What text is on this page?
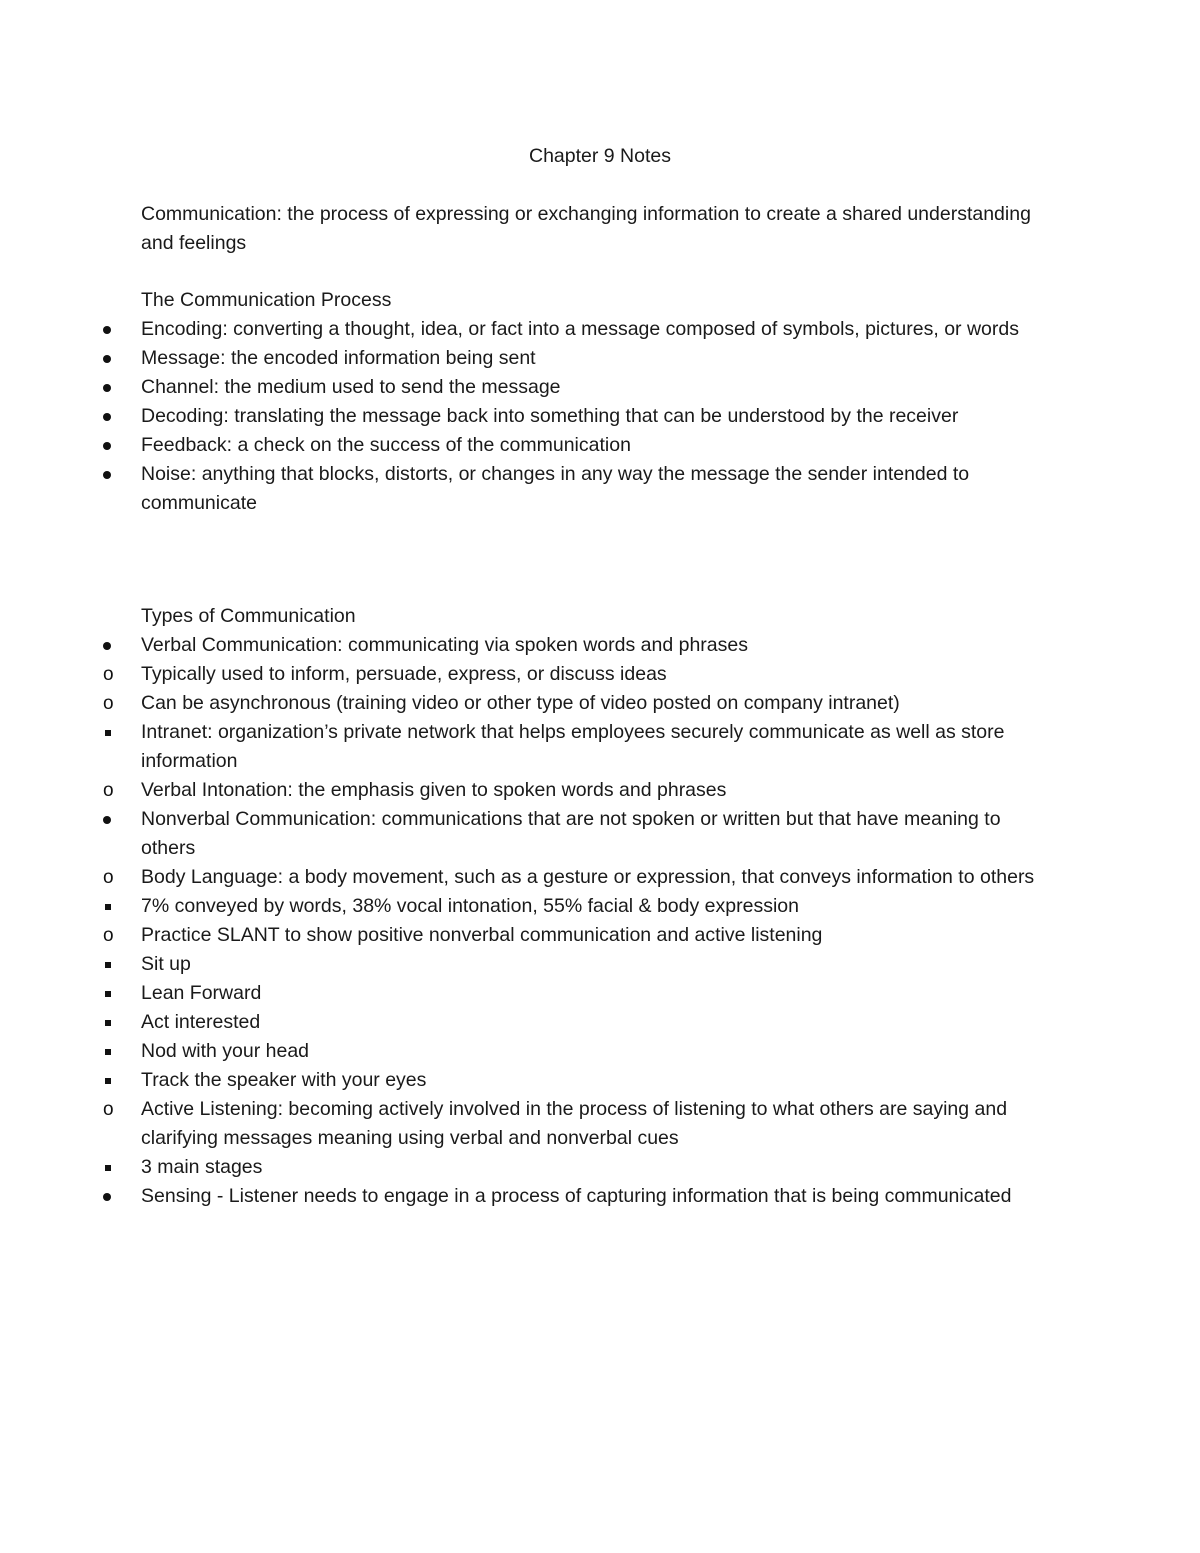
Chapter 9 Notes
Communication: the process of expressing or exchanging information to create a shared understanding and feelings
The Communication Process
Encoding: converting a thought, idea, or fact into a message composed of symbols, pictures, or words
Message: the encoded information being sent
Channel: the medium used to send the message
Decoding: translating the message back into something that can be understood by the receiver
Feedback: a check on the success of the communication
Noise: anything that blocks, distorts, or changes in any way the message the sender intended to communicate
Types of Communication
Verbal Communication: communicating via spoken words and phrases
o Typically used to inform, persuade, express, or discuss ideas
o Can be asynchronous (training video or other type of video posted on company intranet)
Intranet: organization’s private network that helps employees securely communicate as well as store information
o Verbal Intonation: the emphasis given to spoken words and phrases
Nonverbal Communication: communications that are not spoken or written but that have meaning to others
o Body Language: a body movement, such as a gesture or expression, that conveys information to others
7% conveyed by words, 38% vocal intonation, 55% facial & body expression
o Practice SLANT to show positive nonverbal communication and active listening
Sit up
Lean Forward
Act interested
Nod with your head
Track the speaker with your eyes
o Active Listening: becoming actively involved in the process of listening to what others are saying and clarifying messages meaning using verbal and nonverbal cues
3 main stages
Sensing - Listener needs to engage in a process of capturing information that is being communicated
